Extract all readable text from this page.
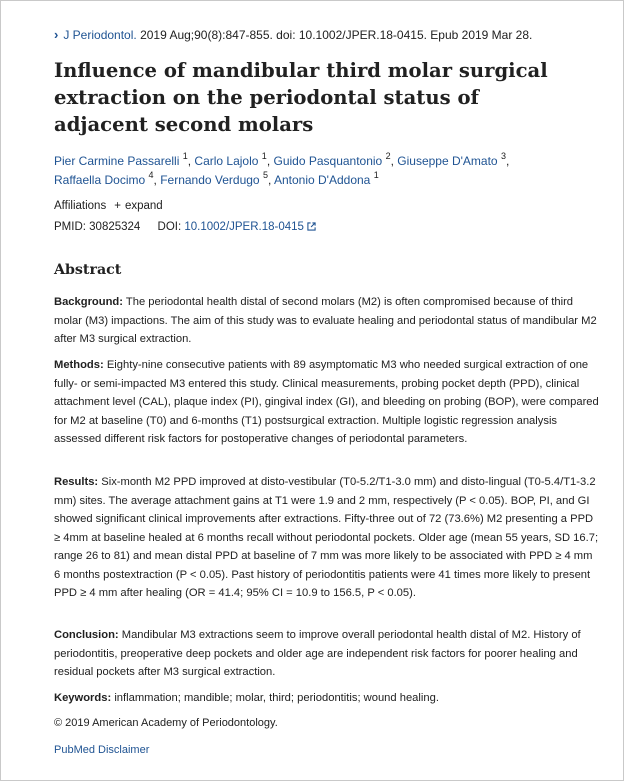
› J Periodontol. 2019 Aug;90(8):847-855. doi: 10.1002/JPER.18-0415. Epub 2019 Mar 28.
Influence of mandibular third molar surgical extraction on the periodontal status of adjacent second molars
Pier Carmine Passarelli $^1$, Carlo Lajolo $^1$, Guido Pasquantonio $^2$, Giuseppe D'Amato $^3$,
Raffaella Docimo $^4$, Fernando Verdugo $^5$, Antonio D'Addona $^1$
Affiliations + expand
PMID: 30825324 DOI: 10.1002/JPER.18-0415
Abstract

Background: The periodontal health distal of second molars (M2) is often compromised because of third molar (M3) impactions. The aim of this study was to evaluate healing and periodontal status of mandibular M2 after M3 surgical extraction.

Methods: Eighty-nine consecutive patients with 89 asymptomatic M3 who needed surgical extraction of one fully- or semi-impacted M3 entered this study. Clinical measurements, probing pocket depth (PPD), clinical attachment level (CAL), plaque index (PI), gingival index (GI), and bleeding on probing (BOP), were compared for M2 at baseline (T0) and 6-months (T1) postsurgical extraction. Multiple logistic regression analysis assessed different risk factors for postoperative changes of periodontal parameters.

Results: Six-month M2 PPD improved at disto-vestibular (T0-5.2/T1-3.0 mm) and disto-lingual (T0-5.4/T1-3.2 mm) sites. The average attachment gains at T1 were 1.9 and 2 mm, respectively (P < 0.05). BOP, PI, and GI showed significant clinical improvements after extractions. Fifty-three out of 72 (73.6%) M2 presenting a PPD ≥ 4mm at baseline healed at 6 months recall without periodontal pockets. Older age (mean 55 years, SD 16.7; range 26 to 81) and mean distal PPD at baseline of 7 mm was more likely to be associated with PPD ≥ 4 mm 6 months postextraction (P < 0.05). Past history of periodontitis patients were 41 times more likely to present PPD ≥ 4 mm after healing (OR = 41.4; 95% CI = 10.9 to 156.5, P < 0.05).

Conclusion: Mandibular M3 extractions seem to improve overall periodontal health distal of M2. History of periodontitis, preoperative deep pockets and older age are independent risk factors for poorer healing and residual pockets after M3 surgical extraction.

Keywords: inflammation; mandible; molar, third; periodontitis; wound healing.

© 2019 American Academy of Periodontology.
PubMed Disclaimer
